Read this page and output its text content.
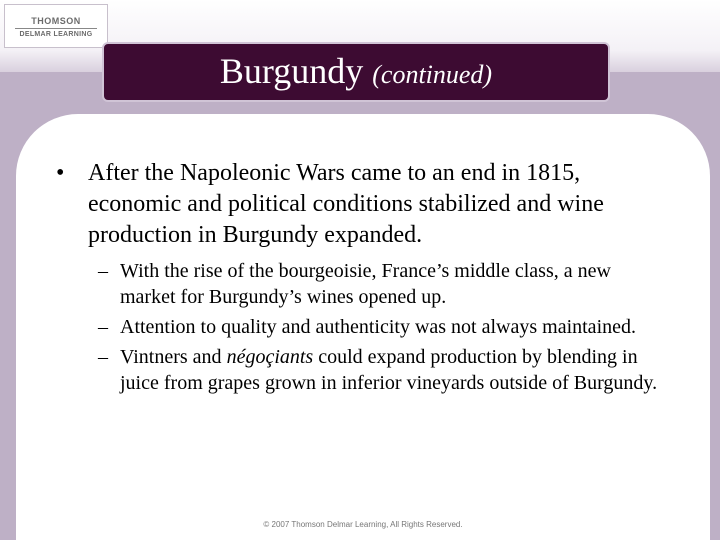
THOMSON
DELMAR LEARNING
Burgundy (continued)
• After the Napoleonic Wars came to an end in 1815, economic and political conditions stabilized and wine production in Burgundy expanded.
– With the rise of the bourgeoisie, France’s middle class, a new market for Burgundy’s wines opened up.
– Attention to quality and authenticity was not always maintained.
– Vintners and négoçiants could expand production by blending in juice from grapes grown in inferior vineyards outside of Burgundy.
© 2007 Thomson Delmar Learning, All Rights Reserved.
